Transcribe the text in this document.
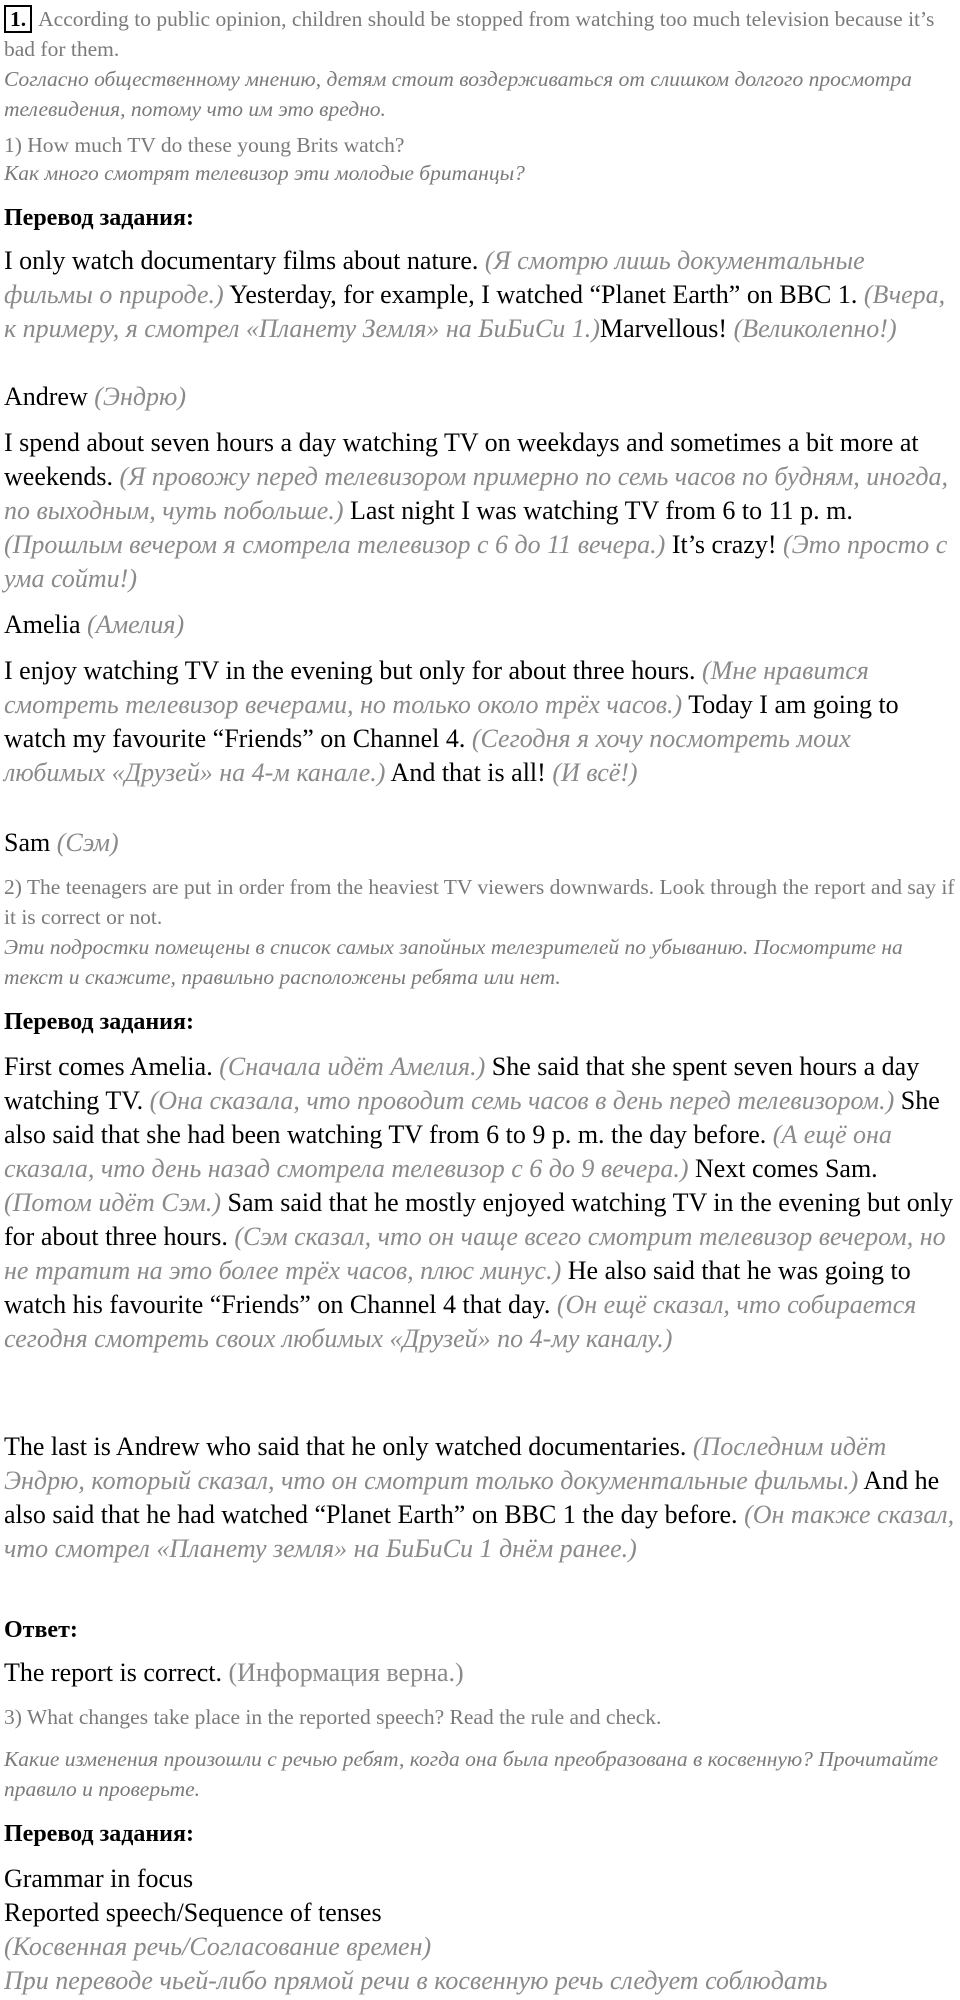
1. According to public opinion, children should be stopped from watching too much television because it’s bad for them.

Согласно общественному мнению, детям стоит воздерживаться от слишком долгого просмотра телевидения, потому что им это вредно.

1) How much TV do these young Brits watch?

Как много смотрят телевизор эти молодые британцы?

Перевод задания:

I only watch documentary films about nature. (Я смотрю лишь документальные фильмы о природе.) Yesterday, for example, I watched “Planet Earth” on BBC 1. (Вчера, к примеру, я смотрел «Планету Земля» на БиБиСи 1.)Marvellous! (Великолепно!)

Andrew (Эндрю)

I spend about seven hours a day watching TV on weekdays and sometimes a bit more at weekends. (Я провожу перед телевизором примерно по семь часов по будням, иногда, по выходным, чуть побольше.) Last night I was watching TV from 6 to 11 p. m. (Прошлым вечером я смотрела телевизор с 6 до 11 вечера.) It’s crazy! (Это просто с ума сойти!)

Amelia (Амелия)

I enjoy watching TV in the evening but only for about three hours. (Мне нравится смотреть телевизор вечерами, но только около трёх часов.) Today I am going to watch my favourite “Friends” on Channel 4. (Сегодня я хочу посмотреть моих любимых «Друзей» на 4-м канале.) And that is all! (И всё!)

Sam (Сэм)

2) The teenagers are put in order from the heaviest TV viewers downwards. Look through the report and say if it is correct or not.

Эти подростки помещены в список самых запойных телезрителей по убыванию. Посмотрите на текст и скажите, правильно расположены ребята или нет.

Перевод задания:

First comes Amelia. (Сначала идёт Амелия.) She said that she spent seven hours a day watching TV. (Она сказала, что проводит семь часов в день перед телевизором.) She also said that she had been watching TV from 6 to 9 p. m. the day before. (А ещё она сказала, что день назад смотрела телевизор с 6 до 9 вечера.) Next comes Sam. (Потом идёт Сэм.) Sam said that he mostly enjoyed watching TV in the evening but only for about three hours. (Сэм сказал, что он чаще всего смотрит телевизор вечером, но не тратит на это более трёх часов, плюс минус.) He also said that he was going to watch his favourite “Friends” on Channel 4 that day. (Он ещё сказал, что собирается сегодня смотреть своих любимых «Друзей» по 4-му каналу.)

The last is Andrew who said that he only watched documentaries. (Последним идёт Эндрю, который сказал, что он смотрит только документальные фильмы.) And he also said that he had watched “Planet Earth” on BBC 1 the day before. (Он также сказал, что смотрел «Планету земля» на БиБиСи 1 днём ранее.)

Ответ:

The report is correct. (Информация верна.)

3) What changes take place in the reported speech? Read the rule and check.

Какие изменения произошли с речью ребят, когда она была преобразована в косвенную? Прочитайте правило и проверьте.

Перевод задания:

Grammar in focus

Reported speech/Sequence of tenses

(Косвенная речь/Согласование времен)

При переводе чьей-либо прямой речи в косвенную речь следует соблюдать
